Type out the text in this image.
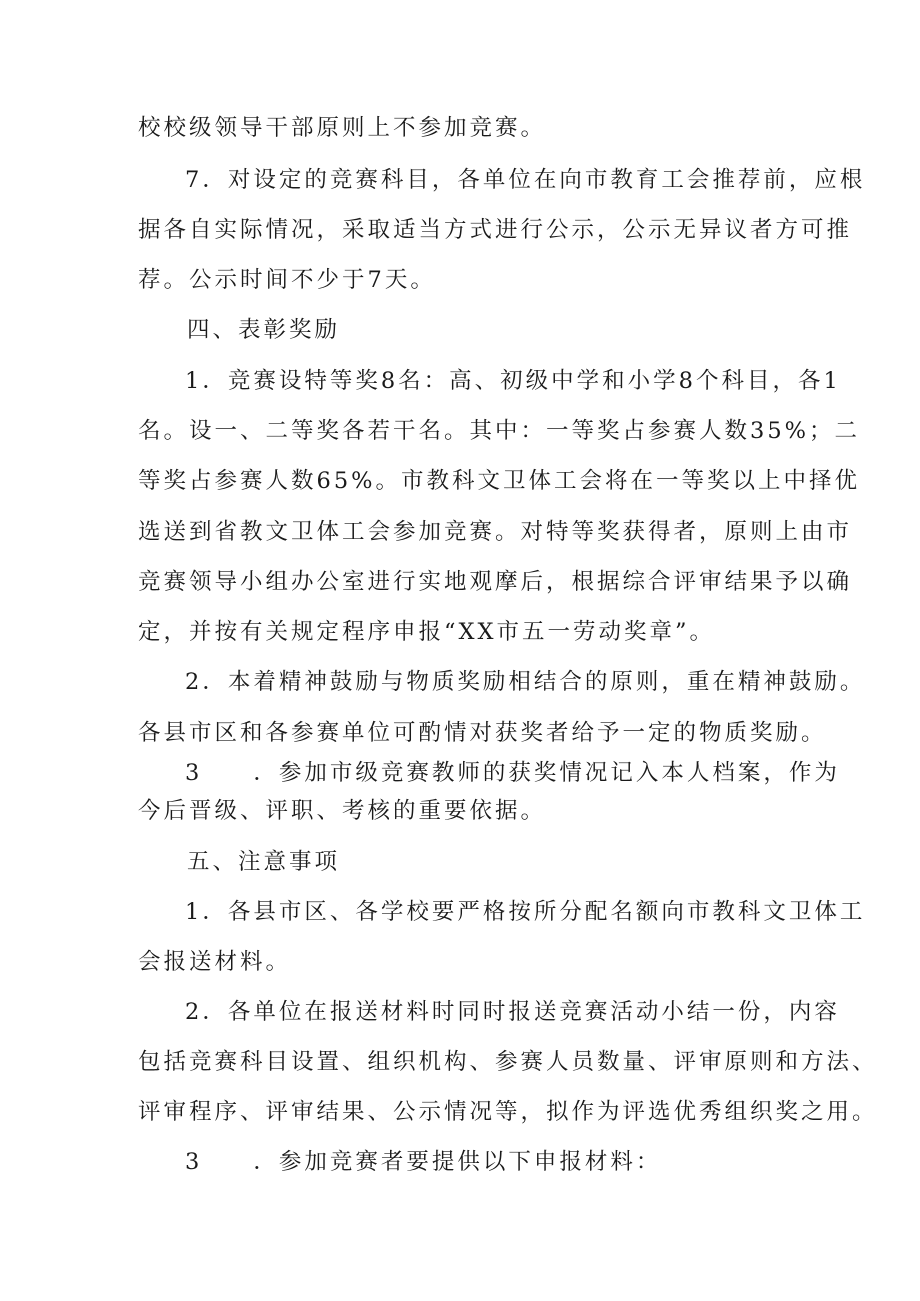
校校级领导干部原则上不参加竞赛。
7．对设定的竞赛科目，各单位在向市教育工会推荐前，应根
据各自实际情况，采取适当方式进行公示，公示无异议者方可推
荐。公示时间不少于7天。
四、表彰奖励
1．竞赛设特等奖8名：高、初级中学和小学8个科目，各1
名。设一、二等奖各若干名。其中：一等奖占参赛人数35%；二
等奖占参赛人数65%。市教科文卫体工会将在一等奖以上中择优
选送到省教文卫体工会参加竞赛。对特等奖获得者，原则上由市
竞赛领导小组办公室进行实地观摩后，根据综合评审结果予以确
定，并按有关规定程序申报“XX市五一劳动奖章”。
2．本着精神鼓励与物质奖励相结合的原则，重在精神鼓励。
各县市区和各参赛单位可酌情对获奖者给予一定的物质奖励。
3　　．参加市级竞赛教师的获奖情况记入本人档案，作为
今后晋级、评职、考核的重要依据。
五、注意事项
1．各县市区、各学校要严格按所分配名额向市教科文卫体工
会报送材料。
2．各单位在报送材料时同时报送竞赛活动小结一份，内容
包括竞赛科目设置、组织机构、参赛人员数量、评审原则和方法、
评审程序、评审结果、公示情况等，拟作为评选优秀组织奖之用。
3　　．参加竞赛者要提供以下申报材料：
